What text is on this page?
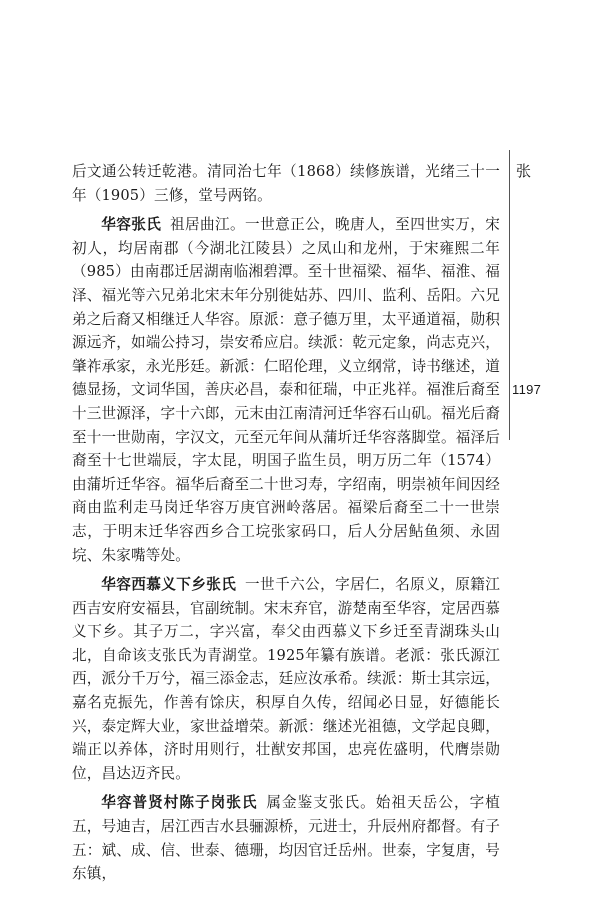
张
1197

后文通公转迁乾港。清同治七年（1868）续修族谱，光绪三十一年（1905）三修，堂号两铭。

华容张氏 祖居曲江。一世意正公，晚唐人，至四世实万，宋初人，均居南郡（今湖北江陵县）之凤山和龙州，于宋雍熙二年（985）由南郡迁居湖南临湘碧潭。至十世福梁、福华、福淮、福泽、福光等六兄弟北宋末年分别徙姑苏、四川、监利、岳阳。六兄弟之后裔又相继迁人华容。原派：意子德万里，太平通道福，勋积源远齐，如端公持习，崇安希应启。续派：乾元定象，尚志克兴，肇祚承家，永光彤廷。新派：仁昭伦理，义立纲常，诗书继述，道德显扬，文词华国，善庆必昌，泰和征瑞，中正兆祥。福淮后裔至十三世源泽，字十六郎，元末由江南清河迁华容石山矶。福光后裔至十一世勋南，字汉文，元至元年间从蒲圻迁华容落脚堂。福泽后裔至十七世端辰，字太昆，明国子监生员，明万历二年（1574）由蒲圻迁华容。福华后裔至二十世习寿，字绍南，明崇祯年间因经商由监利走马岗迁华容万庚官洲岭落居。福梁后裔至二十一世崇志，于明末迁华容西乡合工垸张家码口，后人分居鲇鱼须、永固垸、朱家嘴等处。

华容西慕义下乡张氏 一世千六公，字居仁，名原义，原籍江西吉安府安福县，官副统制。宋末弃官，游楚南至华容，定居西慕义下乡。其子万二，字兴富，奉父由西慕义下乡迁至青湖珠头山北，自命该支张氏为青湖堂。1925年纂有族谱。老派：张氏源江西，派分千万兮，福三添金志，廷应汝承希。续派：斯士其宗远，嘉名克振先，作善有馀庆，积厚自久传，绍闻必日显，好德能长兴，泰定辉大业，家世益增荣。新派：继述光祖德，文学起良卿，端正以养体，济时用则行，壮猷安邦国，忠亮佐盛明，代膺崇勋位，昌达迈齐民。

华容普贤村陈子岗张氏 属金鉴支张氏。始祖天岳公，字植五，号迪吉，居江西吉水县骊源桥，元进士，升辰州府都督。有子五：斌、成、信、世泰、德珊，均因官迁岳州。世泰，字复唐，号东镇，
